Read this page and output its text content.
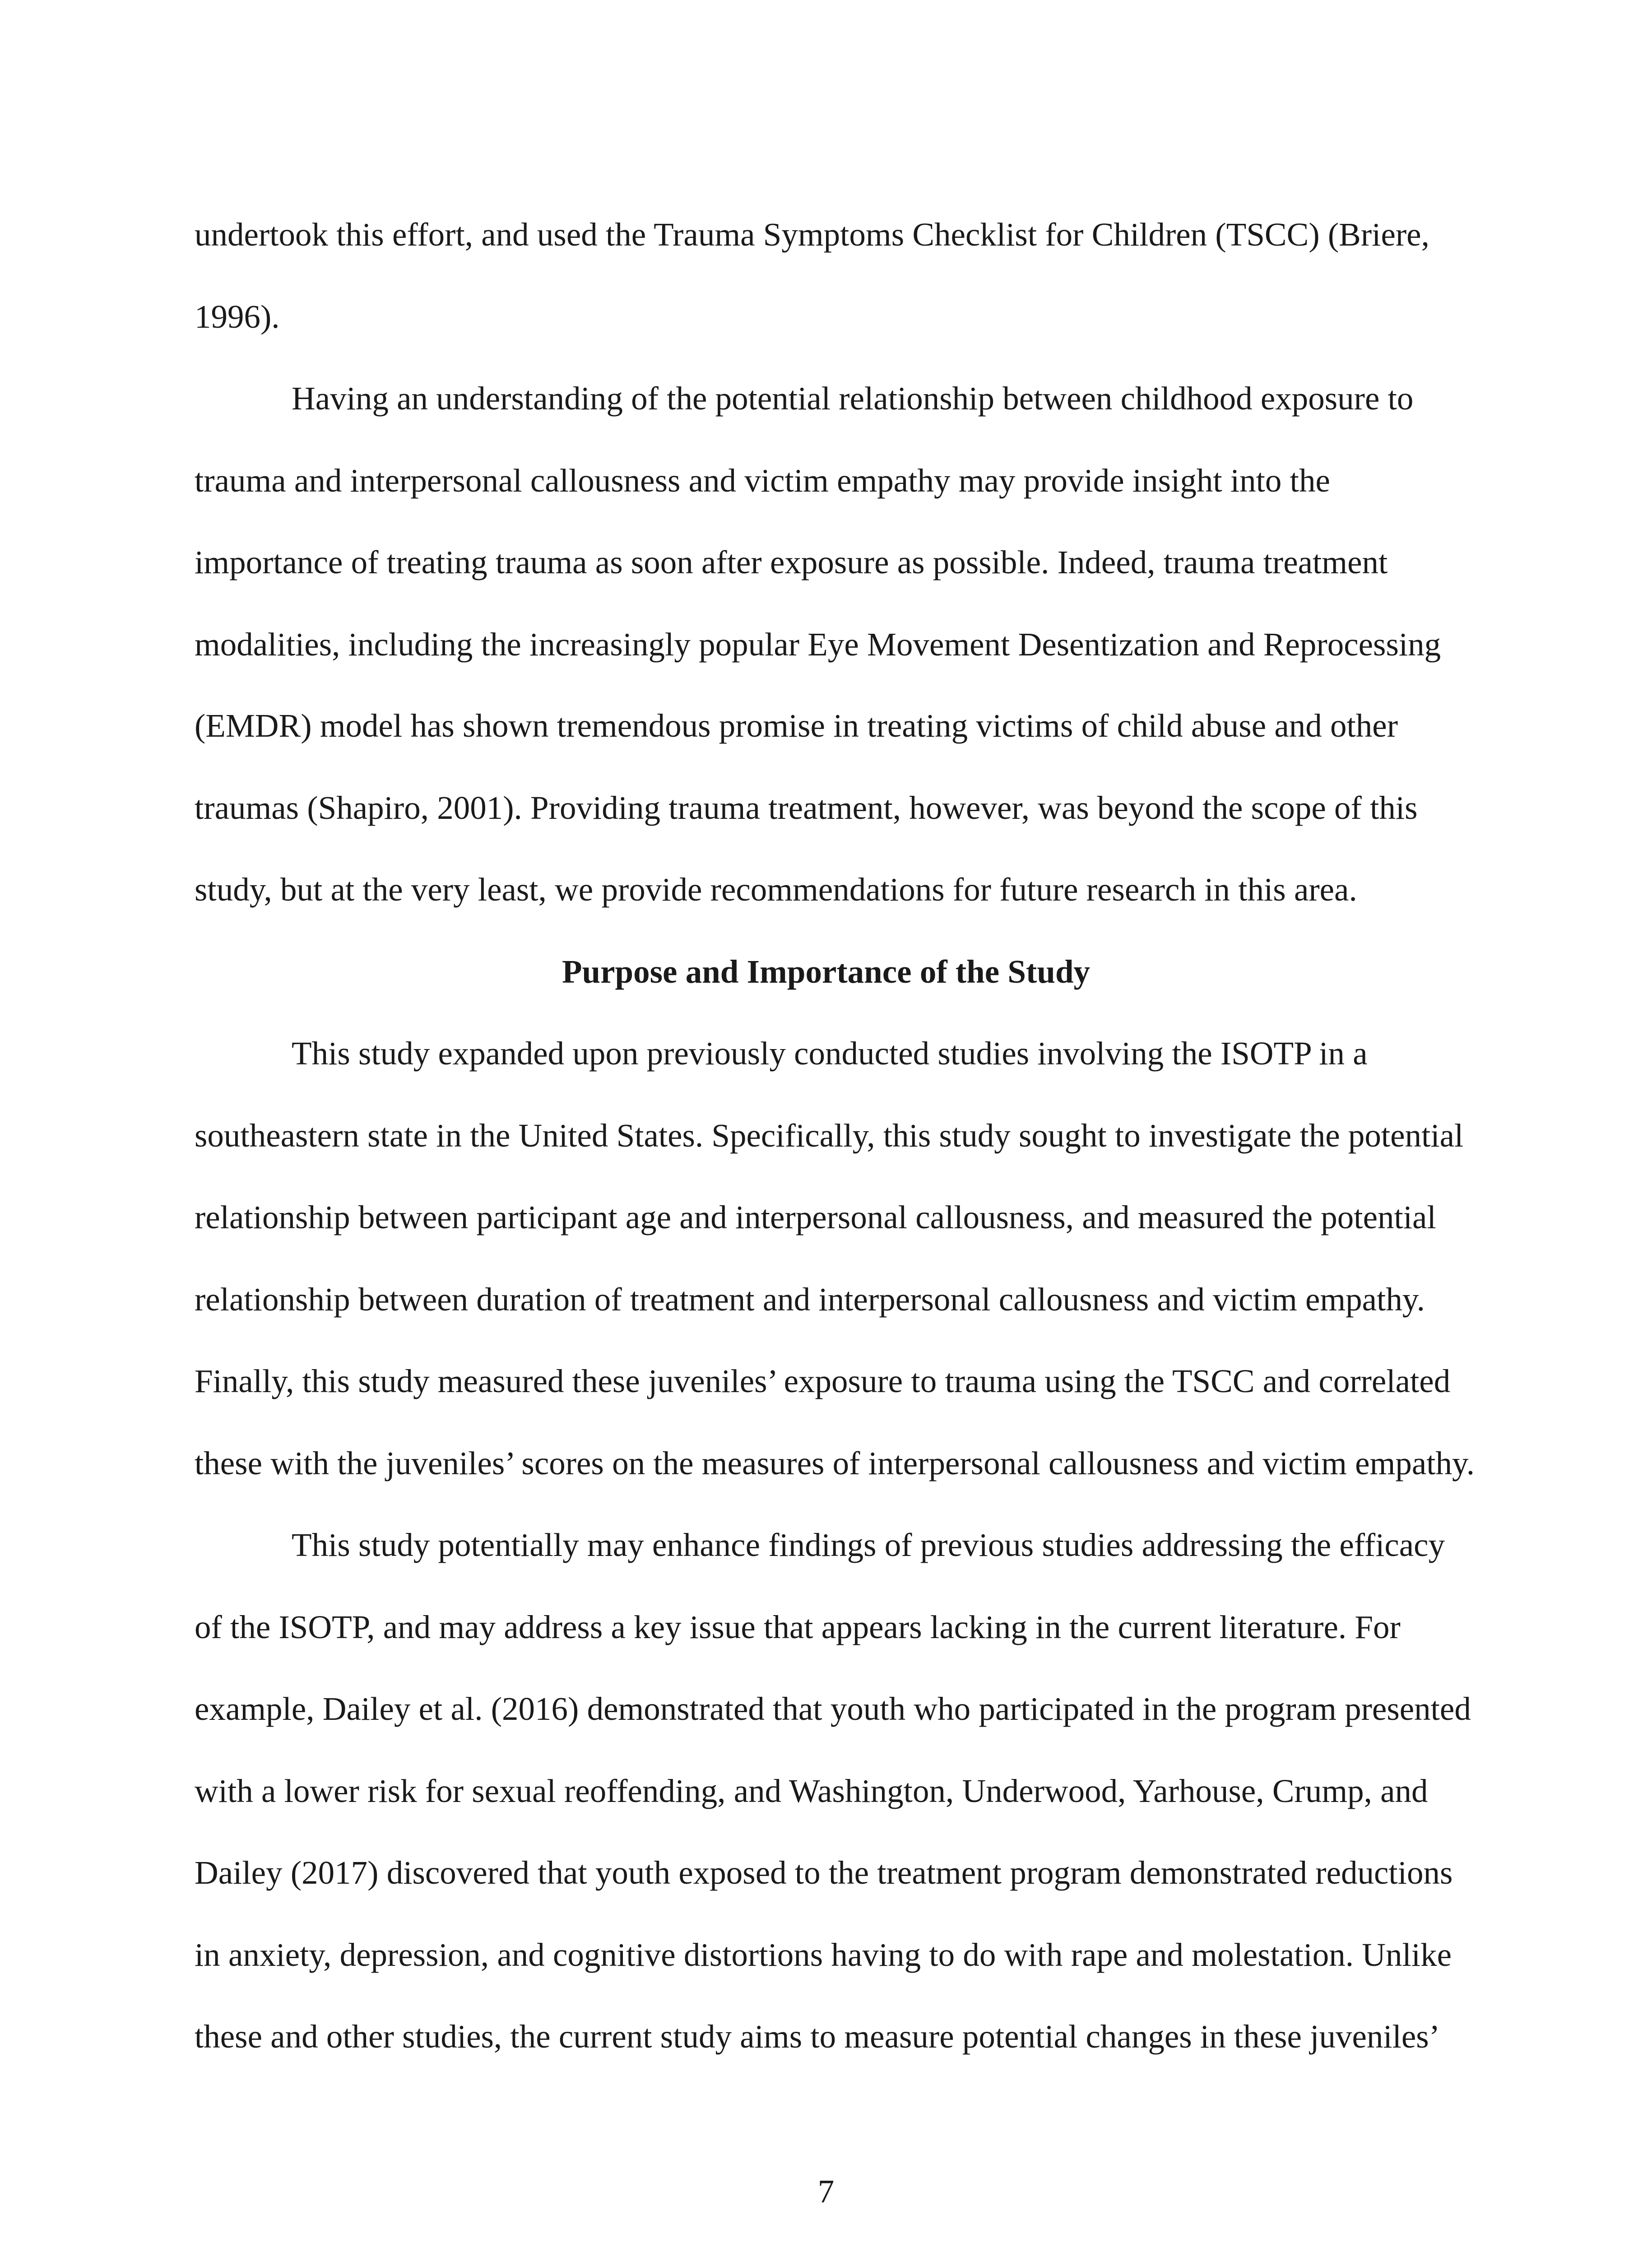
undertook this effort, and used the Trauma Symptoms Checklist for Children (TSCC) (Briere,

1996).

Having an understanding of the potential relationship between childhood exposure to

trauma and interpersonal callousness and victim empathy may provide insight into the

importance of treating trauma as soon after exposure as possible. Indeed, trauma treatment

modalities, including the increasingly popular Eye Movement Desentization and Reprocessing

(EMDR) model has shown tremendous promise in treating victims of child abuse and other

traumas (Shapiro, 2001). Providing trauma treatment, however, was beyond the scope of this

study, but at the very least, we provide recommendations for future research in this area.

Purpose and Importance of the Study

This study expanded upon previously conducted studies involving the ISOTP in a

southeastern state in the United States. Specifically, this study sought to investigate the potential

relationship between participant age and interpersonal callousness, and measured the potential

relationship between duration of treatment and interpersonal callousness and victim empathy.

Finally, this study measured these juveniles’ exposure to trauma using the TSCC and correlated

these with the juveniles’ scores on the measures of interpersonal callousness and victim empathy.

This study potentially may enhance findings of previous studies addressing the efficacy

of the ISOTP, and may address a key issue that appears lacking in the current literature. For

example, Dailey et al. (2016) demonstrated that youth who participated in the program presented

with a lower risk for sexual reoffending, and Washington, Underwood, Yarhouse, Crump, and

Dailey (2017) discovered that youth exposed to the treatment program demonstrated reductions

in anxiety, depression, and cognitive distortions having to do with rape and molestation. Unlike

these and other studies, the current study aims to measure potential changes in these juveniles’

7
